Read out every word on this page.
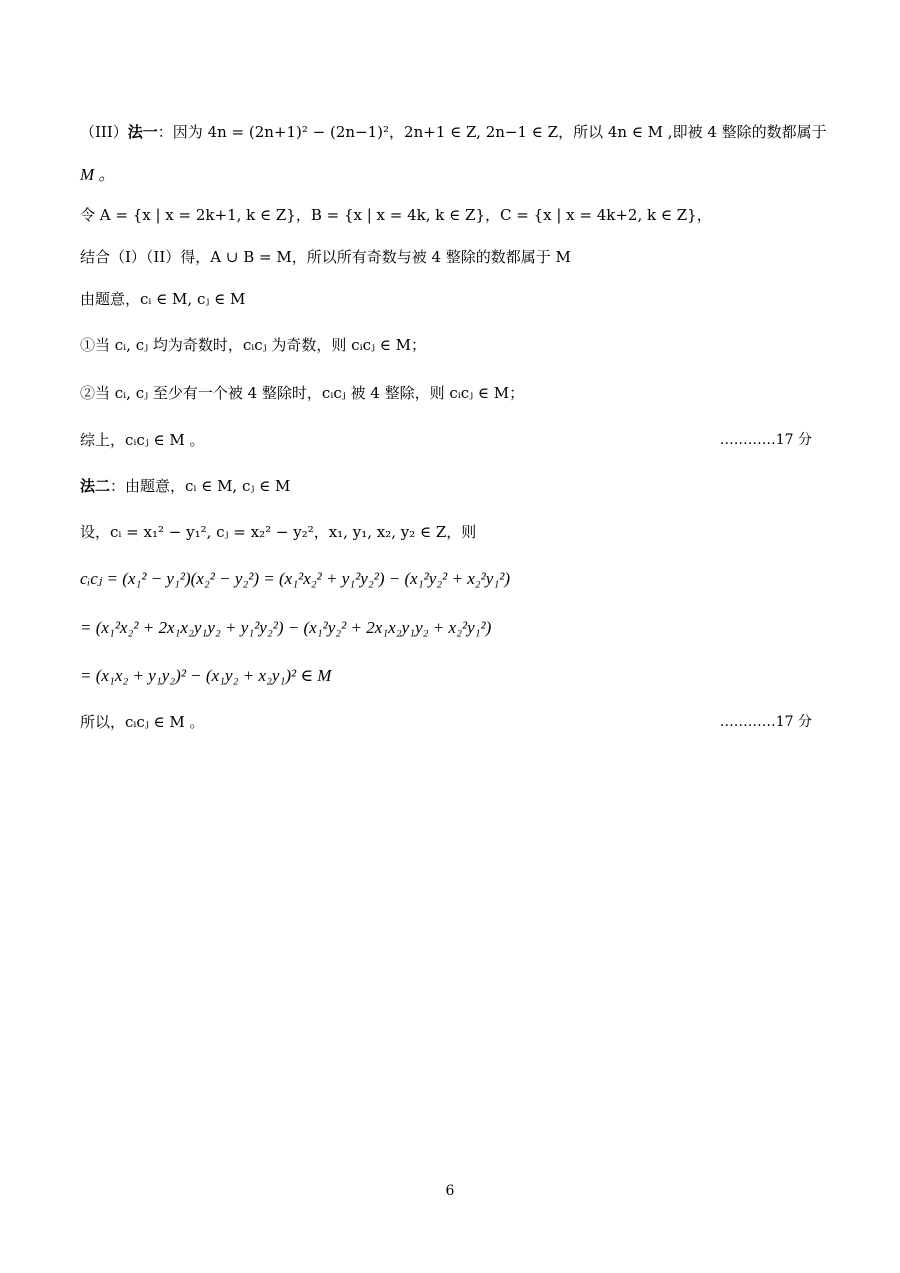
（III）法一：因为 4n = (2n+1)² − (2n−1)²，2n+1 ∈ Z, 2n−1 ∈ Z，所以 4n ∈ M ,即被 4 整除的数都属于
M 。
令 A = {x | x = 2k+1, k ∈ Z}，B = {x | x = 4k, k ∈ Z}，C = {x | x = 4k+2, k ∈ Z}，
结合（I）（II）得，A ∪ B = M，所以所有奇数与被 4 整除的数都属于 M
由题意，cᵢ ∈ M, cⱼ ∈ M
①当 cᵢ, cⱼ 均为奇数时，cᵢcⱼ 为奇数，则 cᵢcⱼ ∈ M；
②当 cᵢ, cⱼ 至少有一个被 4 整除时，cᵢcⱼ 被 4 整除，则 cᵢcⱼ ∈ M；
综上，cᵢcⱼ ∈ M 。	…………17 分
法二：由题意，cᵢ ∈ M, cⱼ ∈ M
设，cᵢ = x₁² − y₁², cⱼ = x₂² − y₂²，x₁, y₁, x₂, y₂ ∈ Z，则
cᵢcⱼ = (x₁² − y₁²)(x₂² − y₂²) = (x₁²x₂² + y₁²y₂²) − (x₁²y₂² + x₂²y₁²)
= (x₁²x₂² + 2x₁x₂y₁y₂ + y₁²y₂²) − (x₁²y₂² + 2x₁x₂y₁y₂ + x₂²y₁²)
= (x₁x₂ + y₁y₂)² − (x₁y₂ + x₂y₁)² ∈ M
所以，cᵢcⱼ ∈ M 。	…………17 分
6
